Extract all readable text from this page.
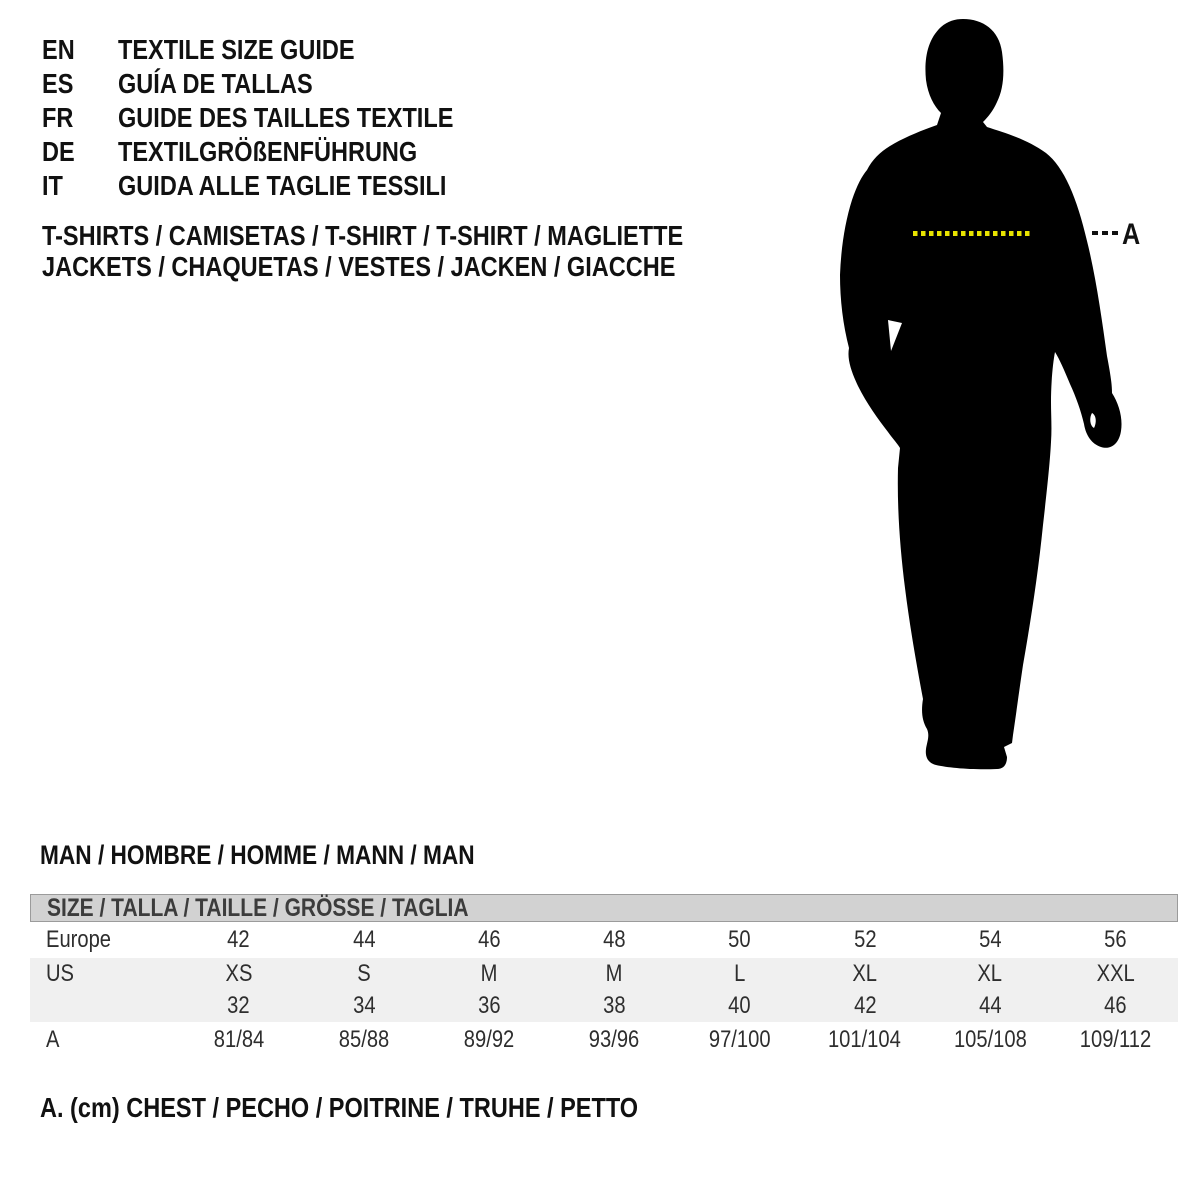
EN	TEXTILE SIZE GUIDE
ES	GUÍA DE TALLAS
FR	GUIDE DES TAILLES TEXTILE
DE	TEXTILGRÖßENFÜHRUNG
IT	GUIDA ALLE TAGLIE TESSILI
T-SHIRTS / CAMISETAS / T-SHIRT / T-SHIRT / MAGLIETTE
JACKETS / CHAQUETAS / VESTES / JACKEN / GIACCHE
A
MAN / HOMBRE / HOMME / MANN / MAN
SIZE / TALLA / TAILLE / GRÖSSE / TAGLIA
Europe	42	44	46	48	50	52	54	56
US	XS	S	M	M	L	XL	XL	XXL
32	34	36	38	40	42	44	46
A	81/84	85/88	89/92	93/96	97/100 101/104 105/108 109/112
A. (cm) CHEST / PECHO / POITRINE / TRUHE / PETTO
